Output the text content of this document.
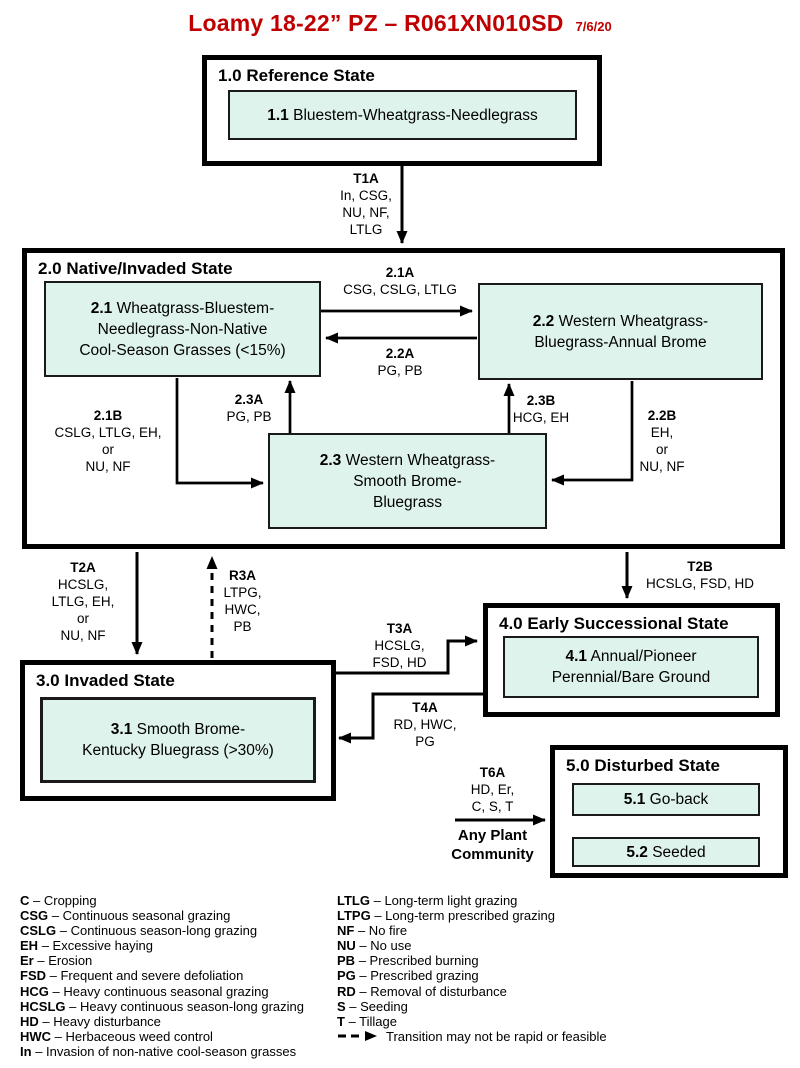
Loamy 18-22” PZ – R061XN010SD 7/6/20
1.0 Reference State
2.0 Native/Invaded State
3.0 Invaded State
4.0 Early Successional State
5.0 Disturbed State
1.1 Bluestem-Wheatgrass-Needlegrass
2.1 Wheatgrass-Bluestem-
Needlegrass-Non-Native
Cool-Season Grasses (<15%)
2.2 Western Wheatgrass-
Bluegrass-Annual Brome
2.3 Western Wheatgrass-
Smooth Brome-
Bluegrass
3.1 Smooth Brome-
Kentucky Bluegrass (>30%)
4.1 Annual/Pioneer
Perennial/Bare Ground
5.1 Go-back
5.2 Seeded
T1A
In, CSG,
NU, NF,
LTLG
2.1A
CSG, CSLG, LTLG
2.2A
PG, PB
2.3A
PG, PB
2.3B
HCG, EH
2.1B
CSLG, LTLG, EH,
or
NU, NF
2.2B
EH,
or
NU, NF
T2A
HCSLG,
LTLG, EH,
or
NU, NF
R3A
LTPG,
HWC,
PB
T2B
HCSLG, FSD, HD
T3A
HCSLG,
FSD, HD
T4A
RD, HWC,
PG
T6A
HD, Er,
C, S, T
Any Plant
Community
C – Cropping
CSG – Continuous seasonal grazing
CSLG – Continuous season-long grazing
EH – Excessive haying
Er – Erosion
FSD – Frequent and severe defoliation
HCG – Heavy continuous seasonal grazing
HCSLG – Heavy continuous season-long grazing
HD – Heavy disturbance
HWC – Herbaceous weed control
In – Invasion of non-native cool-season grasses
LTLG – Long-term light grazing
LTPG – Long-term prescribed grazing
NF – No fire
NU – No use
PB – Prescribed burning
PG – Prescribed grazing
RD – Removal of disturbance
S – Seeding
T – Tillage
Transition may not be rapid or feasible
